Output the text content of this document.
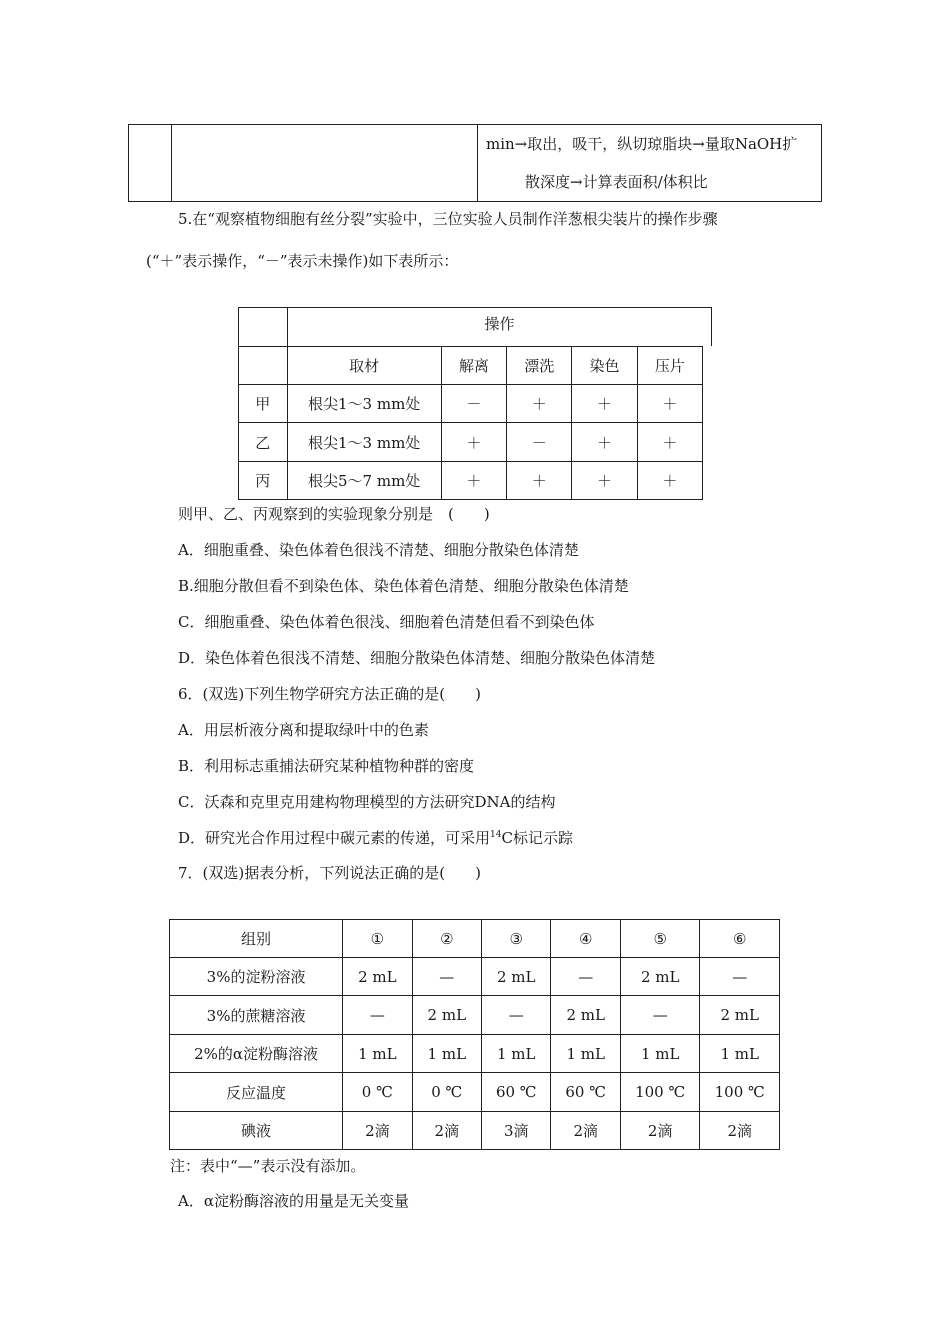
min→取出，吸干，纵切琼脂块→量取NaOH扩
散深度→计算表面积/体积比
5.在“观察植物细胞有丝分裂”实验中，三位实验人员制作洋葱根尖装片的操作步骤
(“＋”表示操作，“－”表示未操作)如下表所示：
	操作
	取材	解离	漂洗	染色	压片
甲	根尖1～3 mm处	－	＋	＋	＋
乙	根尖1～3 mm处	＋	－	＋	＋
丙	根尖5～7 mm处	＋	＋	＋	＋
则甲、乙、丙观察到的实验现象分别是　(　　)
A．细胞重叠、染色体着色很浅不清楚、细胞分散染色体清楚
B.细胞分散但看不到染色体、染色体着色清楚、细胞分散染色体清楚
C．细胞重叠、染色体着色很浅、细胞着色清楚但看不到染色体
D．染色体着色很浅不清楚、细胞分散染色体清楚、细胞分散染色体清楚
6．(双选)下列生物学研究方法正确的是(　　)
A．用层析液分离和提取绿叶中的色素
B．利用标志重捕法研究某种植物种群的密度
C．沃森和克里克用建构物理模型的方法研究DNA的结构
D．研究光合作用过程中碳元素的传递，可采用$^{14}$C标记示踪
7．(双选)据表分析，下列说法正确的是(　　)
组别	①	②	③	④	⑤	⑥
3%的淀粉溶液	2 mL	—	2 mL	—	2 mL	—
3%的蔗糖溶液	—	2 mL	—	2 mL	—	2 mL
2%的α淀粉酶溶液	1 mL	1 mL	1 mL	1 mL	1 mL	1 mL
反应温度	0 ℃	0 ℃	60 ℃	60 ℃	100 ℃	100 ℃
碘液	2滴	2滴	3滴	2滴	2滴	2滴
注：表中“—”表示没有添加。
A．α淀粉酶溶液的用量是无关变量
